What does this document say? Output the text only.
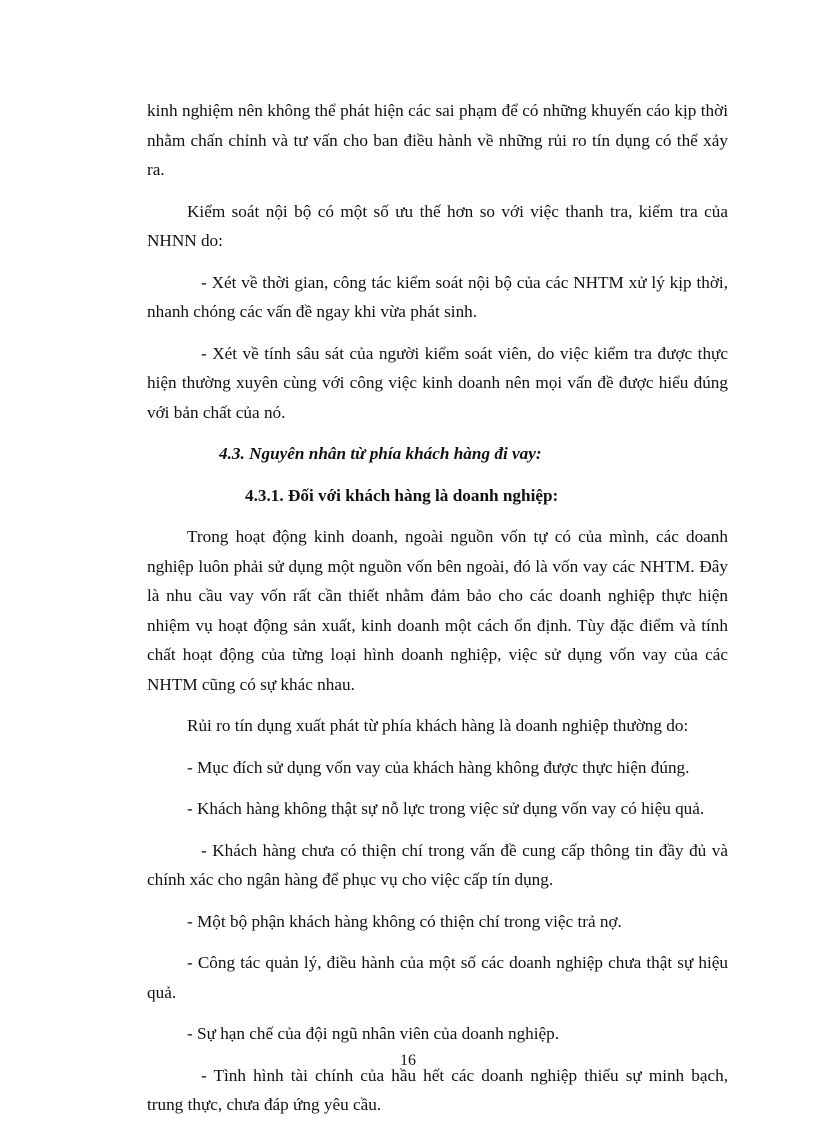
kinh nghiệm nên không thể phát hiện các sai phạm để có những khuyến cáo kịp thời nhằm chấn chỉnh và tư vấn cho ban điều hành về những rủi ro tín dụng có thể xảy ra.

Kiểm soát nội bộ có một số ưu thế hơn so với việc thanh tra, kiểm tra của NHNN do:

- Xét về thời gian, công tác kiểm soát nội bộ của các NHTM xử lý kịp thời, nhanh chóng các vấn đề ngay khi vừa phát sinh.

- Xét về tính sâu sát của người kiểm soát viên, do việc kiểm tra được thực hiện thường xuyên cùng với công việc kinh doanh nên mọi vấn đề được hiểu đúng với bản chất của nó.

4.3. Nguyên nhân từ phía khách hàng đi vay:

4.3.1. Đối với khách hàng là doanh nghiệp:

Trong hoạt động kinh doanh, ngoài nguồn vốn tự có của mình, các doanh nghiệp luôn phải sử dụng một nguồn vốn bên ngoài, đó là vốn vay các NHTM. Đây là nhu cầu vay vốn rất cần thiết nhằm đảm bảo cho các doanh nghiệp thực hiện nhiệm vụ hoạt động sản xuất, kinh doanh một cách ổn định. Tùy đặc điểm và tính chất hoạt động của từng loại hình doanh nghiệp, việc sử dụng vốn vay của các NHTM cũng có sự khác nhau.

Rủi ro tín dụng xuất phát từ phía khách hàng là doanh nghiệp thường do:

- Mục đích sử dụng vốn vay của khách hàng không được thực hiện đúng.

- Khách hàng không thật sự nỗ lực trong việc sử dụng vốn vay có hiệu quả.

- Khách hàng chưa có thiện chí trong vấn đề cung cấp thông tin đầy đủ và chính xác cho ngân hàng để phục vụ cho việc cấp tín dụng.

- Một bộ phận khách hàng không có thiện chí trong việc trả nợ.

- Công tác quản lý, điều hành của một số các doanh nghiệp chưa thật sự hiệu quả.

- Sự hạn chế của đội ngũ nhân viên của doanh nghiệp.

- Tình hình tài chính của hầu hết các doanh nghiệp thiếu sự minh bạch, trung thực, chưa đáp ứng yêu cầu.

16
